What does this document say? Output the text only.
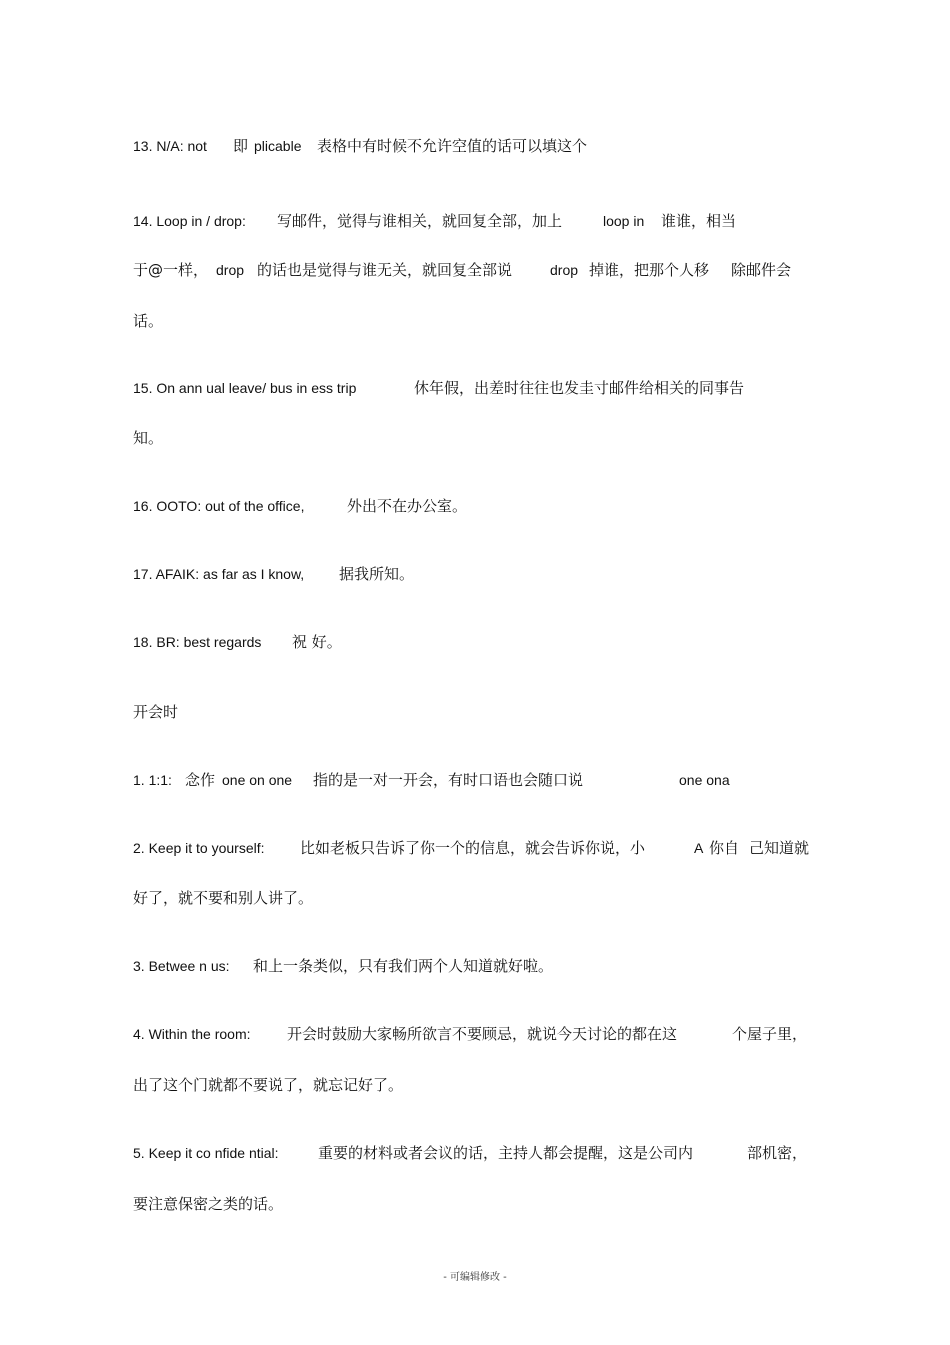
13. N/A: not 即 plicable 表格中有时候不允许空值的话可以填这个
14. Loop in / drop: 写邮件，觉得与谁相关，就回复全部，加上	loop in 谁谁，相当
于@一样， drop 的话也是觉得与谁无关，就回复全部说	drop 掉谁，把那个人移 除邮件会
话。
15. On ann ual leave/ bus in ess trip	休年假，出差时往往也发圭寸邮件给相关的同事告
知。
16. OOTO: out of the office,	外出不在办公室。
17. AFAIK: as far as I know, 据我所知。
18. BR: best regards 祝 好。
开会时
1. 1:1: 念作 one on one 指的是一对一开会，有时口语也会随口说	one ona
2. Keep it to yourself: 比如老板只告诉了你一个的信息，就会告诉你说，小	A 你自 己知道就
好了，就不要和别人讲了。
3. Betwee n us: 和上一条类似，只有我们两个人知道就好啦。
4. Within the room: 开会时鼓励大家畅所欲言不要顾忌，就说今天讨论的都在这	个屋子里，
出了这个门就都不要说了，就忘记好了。
5. Keep it co nfide ntial:	重要的材料或者会议的话，主持人都会提醒，这是公司内	部机密，
要注意保密之类的话。
- 可编辑修改 -
